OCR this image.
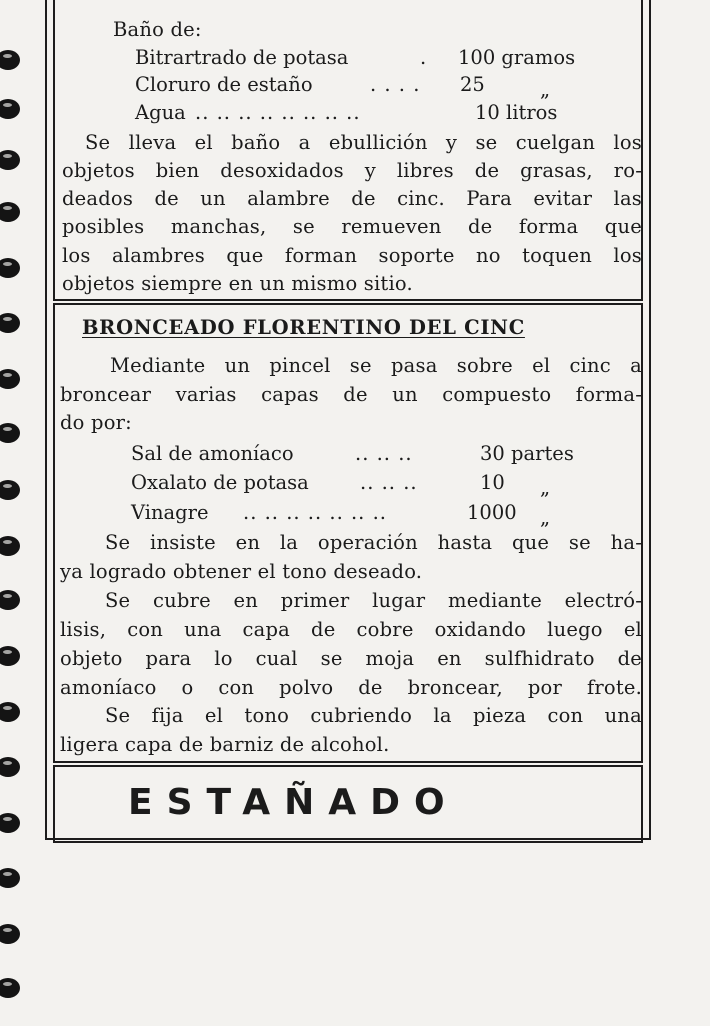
Baño de:
Bitrartrado de potasa	. 100 gramos
Cloruro de estaño	. . . . 25	„
Agua .. .. .. .. .. .. .. ..	10 litros
Se lleva el baño a ebullición y se cuelgan los
objetos bien desoxidados y libres de grasas, ro-
deados de un alambre de cinc. Para evitar las
posibles manchas, se remueven de forma que
los alambres que forman soporte no toquen los
objetos siempre en un mismo sitio.
BRONCEADO FLORENTINO DEL CINC
Mediante un pincel se pasa sobre el cinc a
broncear varias capas de un compuesto forma-
do por:
Sal de amoníaco	.. .. ..	30 partes
Oxalato de potasa	.. .. ..	10 „
Vinagre .. .. .. .. .. .. ..	1000 „
Se insiste en la operación hasta que se ha-
ya logrado obtener el tono deseado.
Se cubre en primer lugar mediante electró-
lisis, con una capa de cobre oxidando luego el
objeto para lo cual se moja en sulfhidrato de
amoníaco o con polvo de broncear, por frote.
Se fija el tono cubriendo la pieza con una
ligera capa de barniz de alcohol.
ESTAÑADO
